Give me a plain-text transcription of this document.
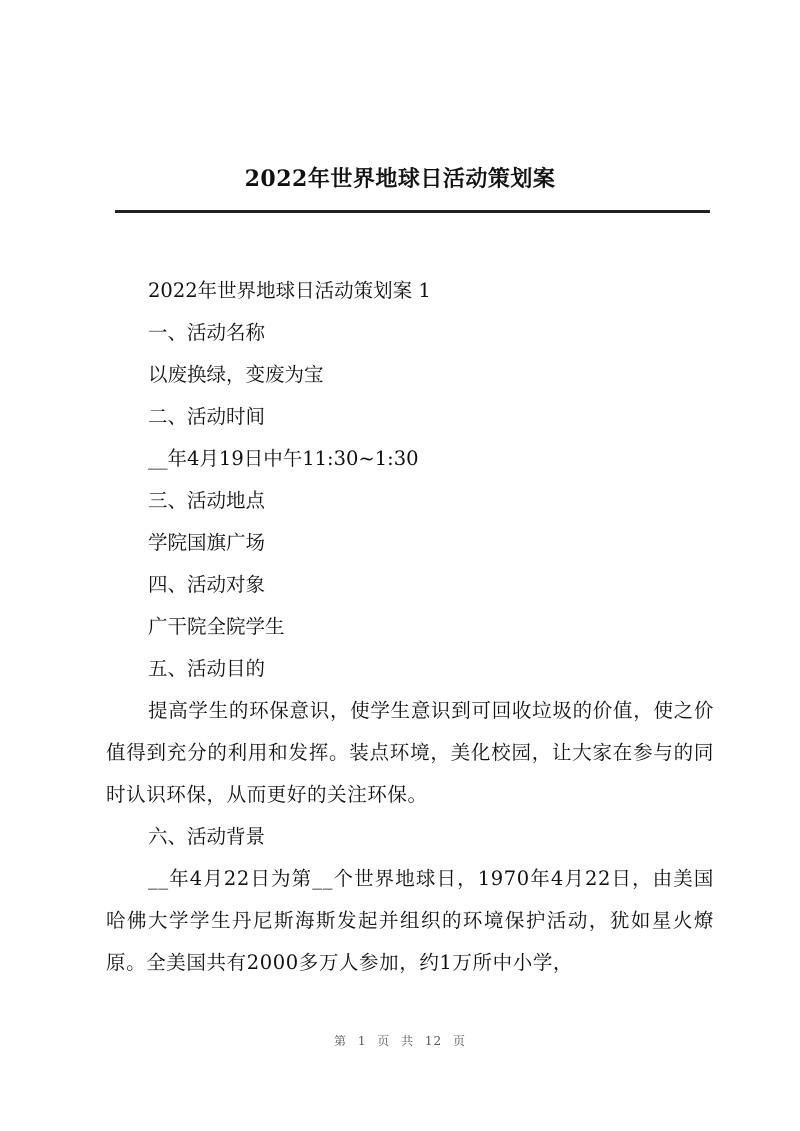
2022年世界地球日活动策划案
2022年世界地球日活动策划案 1
一、活动名称
以废换绿，变废为宝
二、活动时间
__年4月19日中午11:30~1:30
三、活动地点
学院国旗广场
四、活动对象
广干院全院学生
五、活动目的
提高学生的环保意识，使学生意识到可回收垃圾的价值，使之价值得到充分的利用和发挥。装点环境，美化校园，让大家在参与的同时认识环保，从而更好的关注环保。
六、活动背景
__年4月22日为第__个世界地球日，1970年4月22日，由美国哈佛大学学生丹尼斯海斯发起并组织的环境保护活动，犹如星火燎原。全美国共有2000多万人参加，约1万所中小学，
第 1 页 共 12 页
